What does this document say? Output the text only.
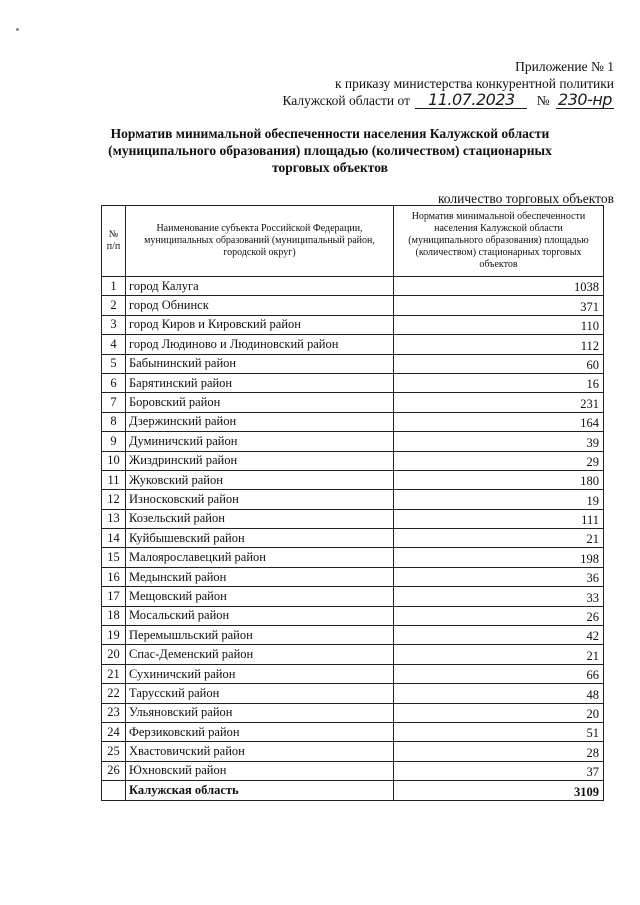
Приложение № 1
к приказу министерства конкурентной политики
Калужской области от 11.07.2023 № 230-нр
Норматив минимальной обеспеченности населения Калужской области (муниципального образования) площадью (количеством) стационарных торговых объектов
количество торговых объектов
№ п/п	Наименование субъекта Российской Федерации, муниципальных образований (муниципальный район, городской округ)	Норматив минимальной обеспеченности населения Калужской области (муниципального образования) площадью (количеством) стационарных торговых объектов
1	город Калуга	1038
2	город Обнинск	371
3	город Киров и Кировский район	110
4	город Людиново и Людиновский район	112
5	Бабынинский район	60
6	Барятинский район	16
7	Боровский район	231
8	Дзержинский район	164
9	Думиничский район	39
10	Жиздринский район	29
11	Жуковский район	180
12	Износковский район	19
13	Козельский район	111
14	Куйбышевский район	21
15	Малоярославецкий район	198
16	Медынский район	36
17	Мещовский район	33
18	Мосальский район	26
19	Перемышльский район	42
20	Спас-Деменский район	21
21	Сухиничский район	66
22	Тарусский район	48
23	Ульяновский район	20
24	Ферзиковский район	51
25	Хвастовичский район	28
26	Юхновский район	37
	Калужская область	3109
